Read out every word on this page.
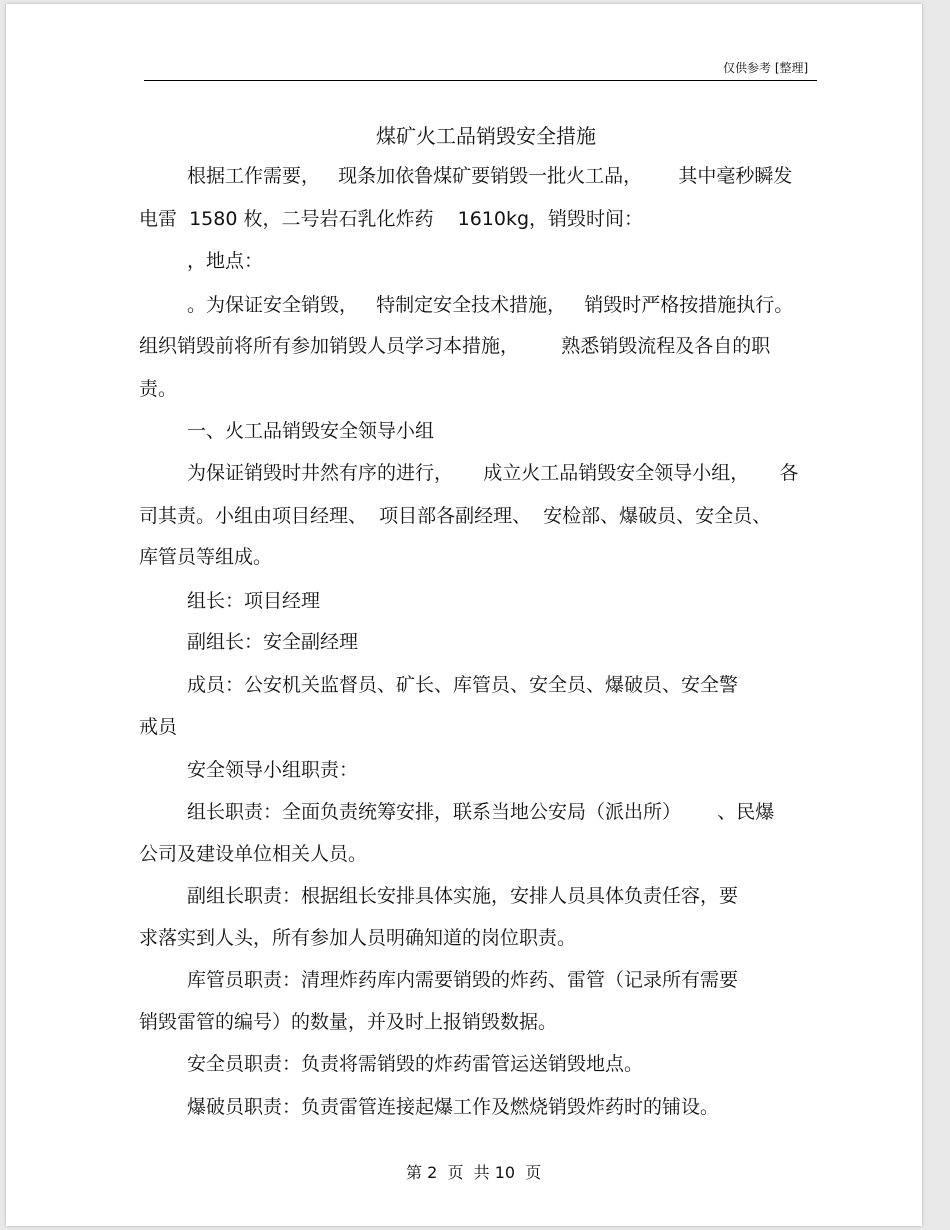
仅供参考 [整理]
煤矿火工品销毁安全措施
根据工作需要，   现条加依鲁煤矿要销毁一批火工品，      其中毫秒瞬发
电雷  1580 枚，二号岩石乳化炸药    1610kg，销毁时间：
，地点：
。为保证安全销毁，   特制定安全技术措施，   销毁时严格按措施执行。
组织销毁前将所有参加销毁人员学习本措施，       熟悉销毁流程及各自的职
责。
一、火工品销毁安全领导小组
为保证销毁时井然有序的进行，     成立火工品销毁安全领导小组，     各
司其责。小组由项目经理、  项目部各副经理、  安检部、爆破员、安全员、
库管员等组成。
组长：项目经理
副组长：安全副经理
成员：公安机关监督员、矿长、库管员、安全员、爆破员、安全警
戒员
安全领导小组职责：
组长职责：全面负责统筹安排，联系当地公安局（派出所）      、民爆
公司及建设单位相关人员。
副组长职责：根据组长安排具体实施，安排人员具体负责任容，要
求落实到人头，所有参加人员明确知道的岗位职责。
库管员职责：清理炸药库内需要销毁的炸药、雷管（记录所有需要
销毁雷管的编号）的数量，并及时上报销毁数据。
安全员职责：负责将需销毁的炸药雷管运送销毁地点。
爆破员职责：负责雷管连接起爆工作及燃烧销毁炸药时的铺设。
第 2  页  共 10  页
